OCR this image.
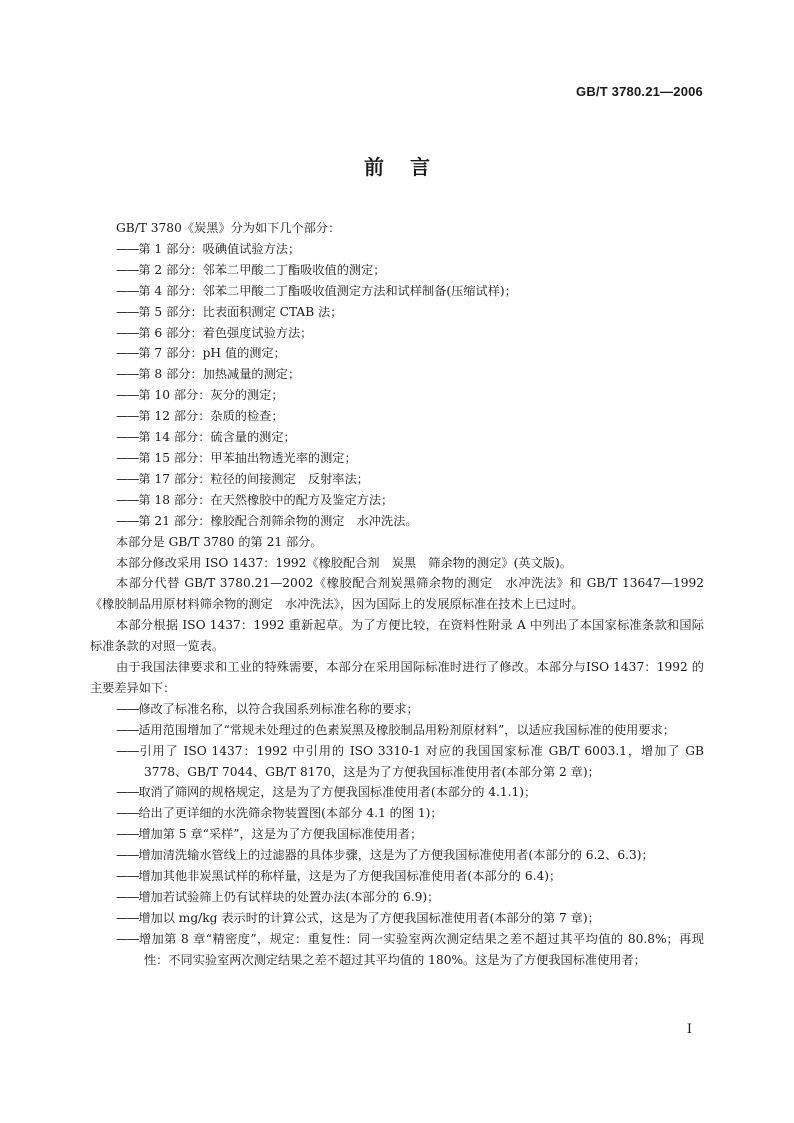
GB/T 3780.21—2006
前言

GB/T 3780《炭黑》分为如下几个部分：

——第 1 部分：吸碘值试验方法；

——第 2 部分：邻苯二甲酸二丁酯吸收值的测定；

——第 4 部分：邻苯二甲酸二丁酯吸收值测定方法和试样制备(压缩试样)；

——第 5 部分：比表面积测定 CTAB 法；

——第 6 部分：着色强度试验方法；

——第 7 部分：pH 值的测定；

——第 8 部分：加热减量的测定；

——第 10 部分：灰分的测定；

——第 12 部分：杂质的检查；

——第 14 部分：硫含量的测定；

——第 15 部分：甲苯抽出物透光率的测定；

——第 17 部分：粒径的间接测定　反射率法；

——第 18 部分：在天然橡胶中的配方及鉴定方法；

——第 21 部分：橡胶配合剂筛余物的测定　水冲洗法。

本部分是 GB/T 3780 的第 21 部分。

本部分修改采用 ISO 1437：1992《橡胶配合剂　炭黑　筛余物的测定》(英文版)。

本部分代替 GB/T 3780.21—2002《橡胶配合剂炭黑筛余物的测定　水冲洗法》和 GB/T 13647—1992《橡胶制品用原材料筛余物的测定　水冲洗法》，因为国际上的发展原标准在技术上已过时。

本部分根据 ISO 1437：1992 重新起草。为了方便比较，在资料性附录 A 中列出了本国家标准条款和国际标准条款的对照一览表。

由于我国法律要求和工业的特殊需要，本部分在采用国际标准时进行了修改。本部分与ISO 1437：1992 的主要差异如下：

——修改了标准名称，以符合我国系列标准名称的要求；

——适用范围增加了“常规未处理过的色素炭黑及橡胶制品用粉剂原材料”，以适应我国标准的使用要求；

——引用了 ISO 1437：1992 中引用的 ISO 3310-1 对应的我国国家标准 GB/T 6003.1，增加了 GB 3778、GB/T 7044、GB/T 8170，这是为了方便我国标准使用者(本部分第 2 章)；

——取消了筛网的规格规定，这是为了方便我国标准使用者(本部分的 4.1.1)；

——给出了更详细的水洗筛余物装置图(本部分 4.1 的图 1)；

——增加第 5 章“采样”，这是为了方便我国标准使用者；

——增加清洗输水管线上的过滤器的具体步骤，这是为了方便我国标准使用者(本部分的 6.2、6.3)；

——增加其他非炭黑试样的称样量，这是为了方便我国标准使用者(本部分的 6.4)；

——增加若试验筛上仍有试样块的处置办法(本部分的 6.9)；

——增加以 mg/kg 表示时的计算公式，这是为了方便我国标准使用者(本部分的第 7 章)；

——增加第 8 章“精密度”，规定：重复性：同一实验室两次测定结果之差不超过其平均值的 80.8%；再现性：不同实验室两次测定结果之差不超过其平均值的 180%。这是为了方便我国标准使用者；

I
